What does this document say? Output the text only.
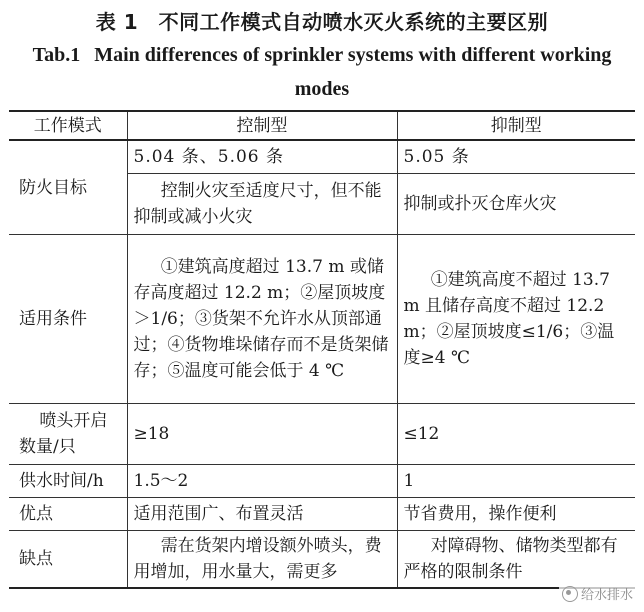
表 1　不同工作模式自动喷水灭火系统的主要区别
Tab.1 Main differences of sprinkler systems with different working modes
工作模式	控制型	抑制型
防火目标	5.04 条、5.06 条	5.05 条
	控制火灾至适度尺寸，但不能抑制或减小火灾	抑制或扑灭仓库火灾
适用条件	①建筑高度超过 13.7 m 或储存高度超过 12.2 m；②屋顶坡度＞1/6；③货架不允许水从顶部通过；④货物堆垛储存而不是货架储存；⑤温度可能会低于 4 ℃	①建筑高度不超过 13.7 m 且储存高度不超过 12.2 m；②屋顶坡度≤1/6；③温度≥4 ℃
喷头开启数量/只	≥18	≤12
供水时间/h	1.5～2	1
优点	适用范围广、布置灵活	节省费用，操作便利
缺点	需在货架内增设额外喷头，费用增加，用水量大，需更多	对障碍物、储物类型都有严格的限制条件
给水排水
